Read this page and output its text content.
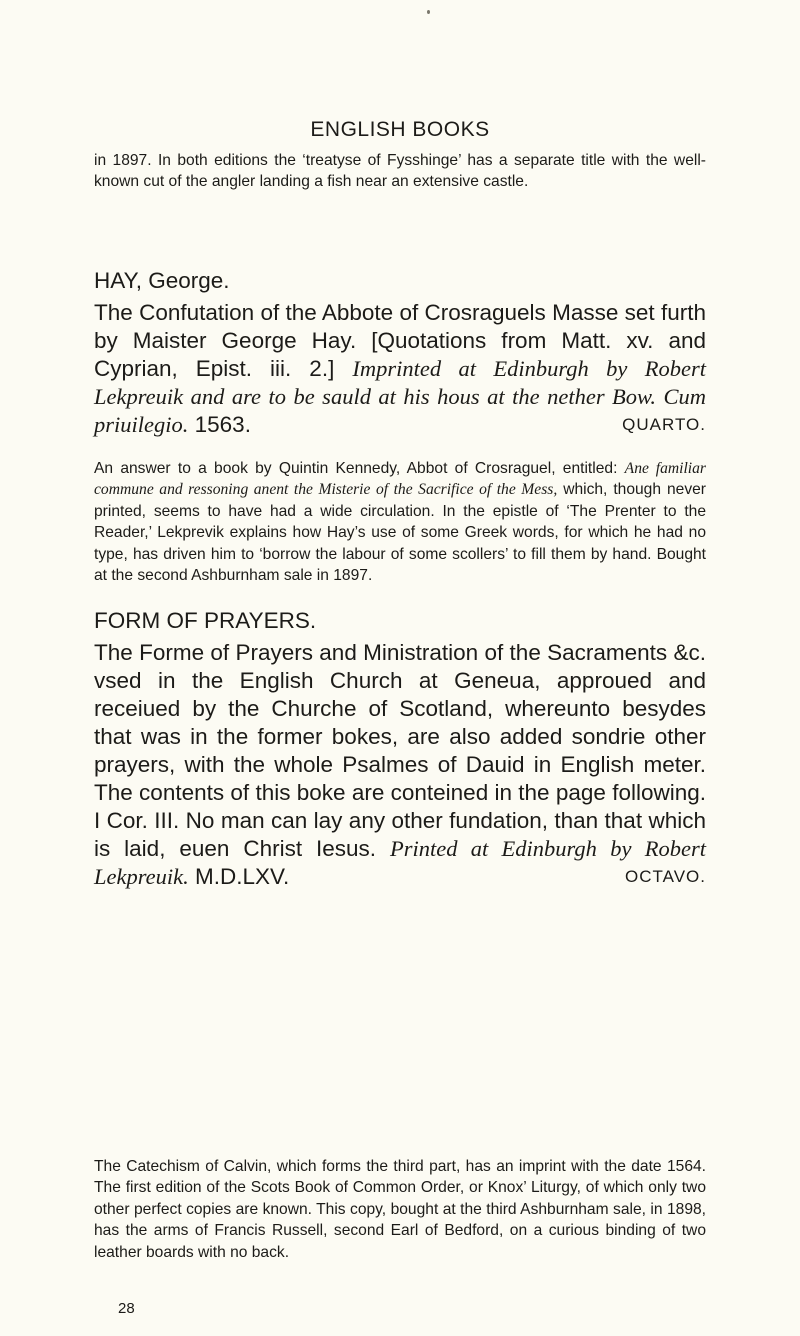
ENGLISH BOOKS

in 1897. In both editions the ‘treatyse of Fysshinge’ has a separate title with the well-known cut of the angler landing a fish near an extensive castle.

HAY, George.

The Confutation of the Abbote of Crosraguels Masse set furth by Maister George Hay. [Quotations from Matt. xv. and Cyprian, Epist. iii. 2.] Imprinted at Edinburgh by Robert Lekpreuik and are to be sauld at his hous at the nether Bow. Cum priuilegio. 1563.	QUARTO.

An answer to a book by Quintin Kennedy, Abbot of Crosraguel, entitled: Ane familiar commune and ressoning anent the Misterie of the Sacrifice of the Mess, which, though never printed, seems to have had a wide circulation. In the epistle of ‘The Prenter to the Reader,’ Lekprevik explains how Hay’s use of some Greek words, for which he had no type, has driven him to ‘borrow the labour of some scollers’ to fill them by hand. Bought at the second Ashburnham sale in 1897.

FORM OF PRAYERS.

The Forme of Prayers and Ministration of the Sacraments &c. vsed in the English Church at Geneua, approued and receiued by the Churche of Scotland, whereunto besydes that was in the former bokes, are also added sondrie other prayers, with the whole Psalmes of Dauid in English meter. The contents of this boke are conteined in the page following. I Cor. III. No man can lay any other fundation, than that which is laid, euen Christ Iesus. Printed at Edinburgh by Robert Lekpreuik. M.D.LXV.	OCTAVO.

The Catechism of Calvin, which forms the third part, has an imprint with the date 1564. The first edition of the Scots Book of Common Order, or Knox’ Liturgy, of which only two other perfect copies are known. This copy, bought at the third Ashburnham sale, in 1898, has the arms of Francis Russell, second Earl of Bedford, on a curious binding of two leather boards with no back.

28
